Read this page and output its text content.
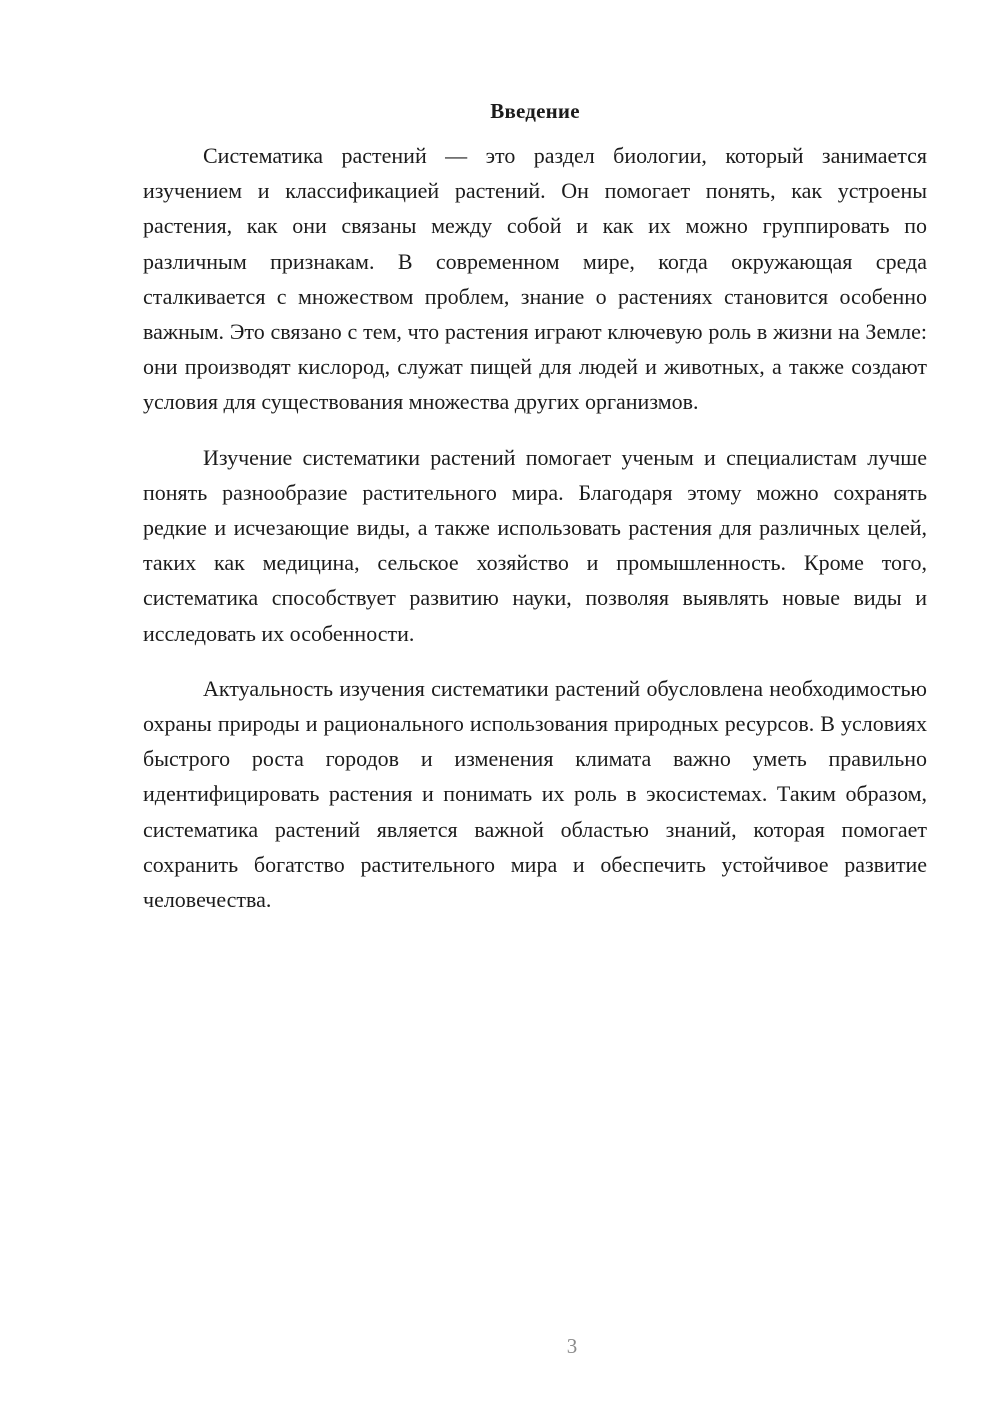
Введение

Систематика растений — это раздел биологии, который занимается изучением и классификацией растений. Он помогает понять, как устроены растения, как они связаны между собой и как их можно группировать по различным признакам. В современном мире, когда окружающая среда сталкивается с множеством проблем, знание о растениях становится особенно важным. Это связано с тем, что растения играют ключевую роль в жизни на Земле: они производят кислород, служат пищей для людей и животных, а также создают условия для существования множества других организмов.

Изучение систематики растений помогает ученым и специалистам лучше понять разнообразие растительного мира. Благодаря этому можно сохранять редкие и исчезающие виды, а также использовать растения для различных целей, таких как медицина, сельское хозяйство и промышленность. Кроме того, систематика способствует развитию науки, позволяя выявлять новые виды и исследовать их особенности.

Актуальность изучения систематики растений обусловлена необходимостью охраны природы и рационального использования природных ресурсов. В условиях быстрого роста городов и изменения климата важно уметь правильно идентифицировать растения и понимать их роль в экосистемах. Таким образом, систематика растений является важной областью знаний, которая помогает сохранить богатство растительного мира и обеспечить устойчивое развитие человечества.

3
